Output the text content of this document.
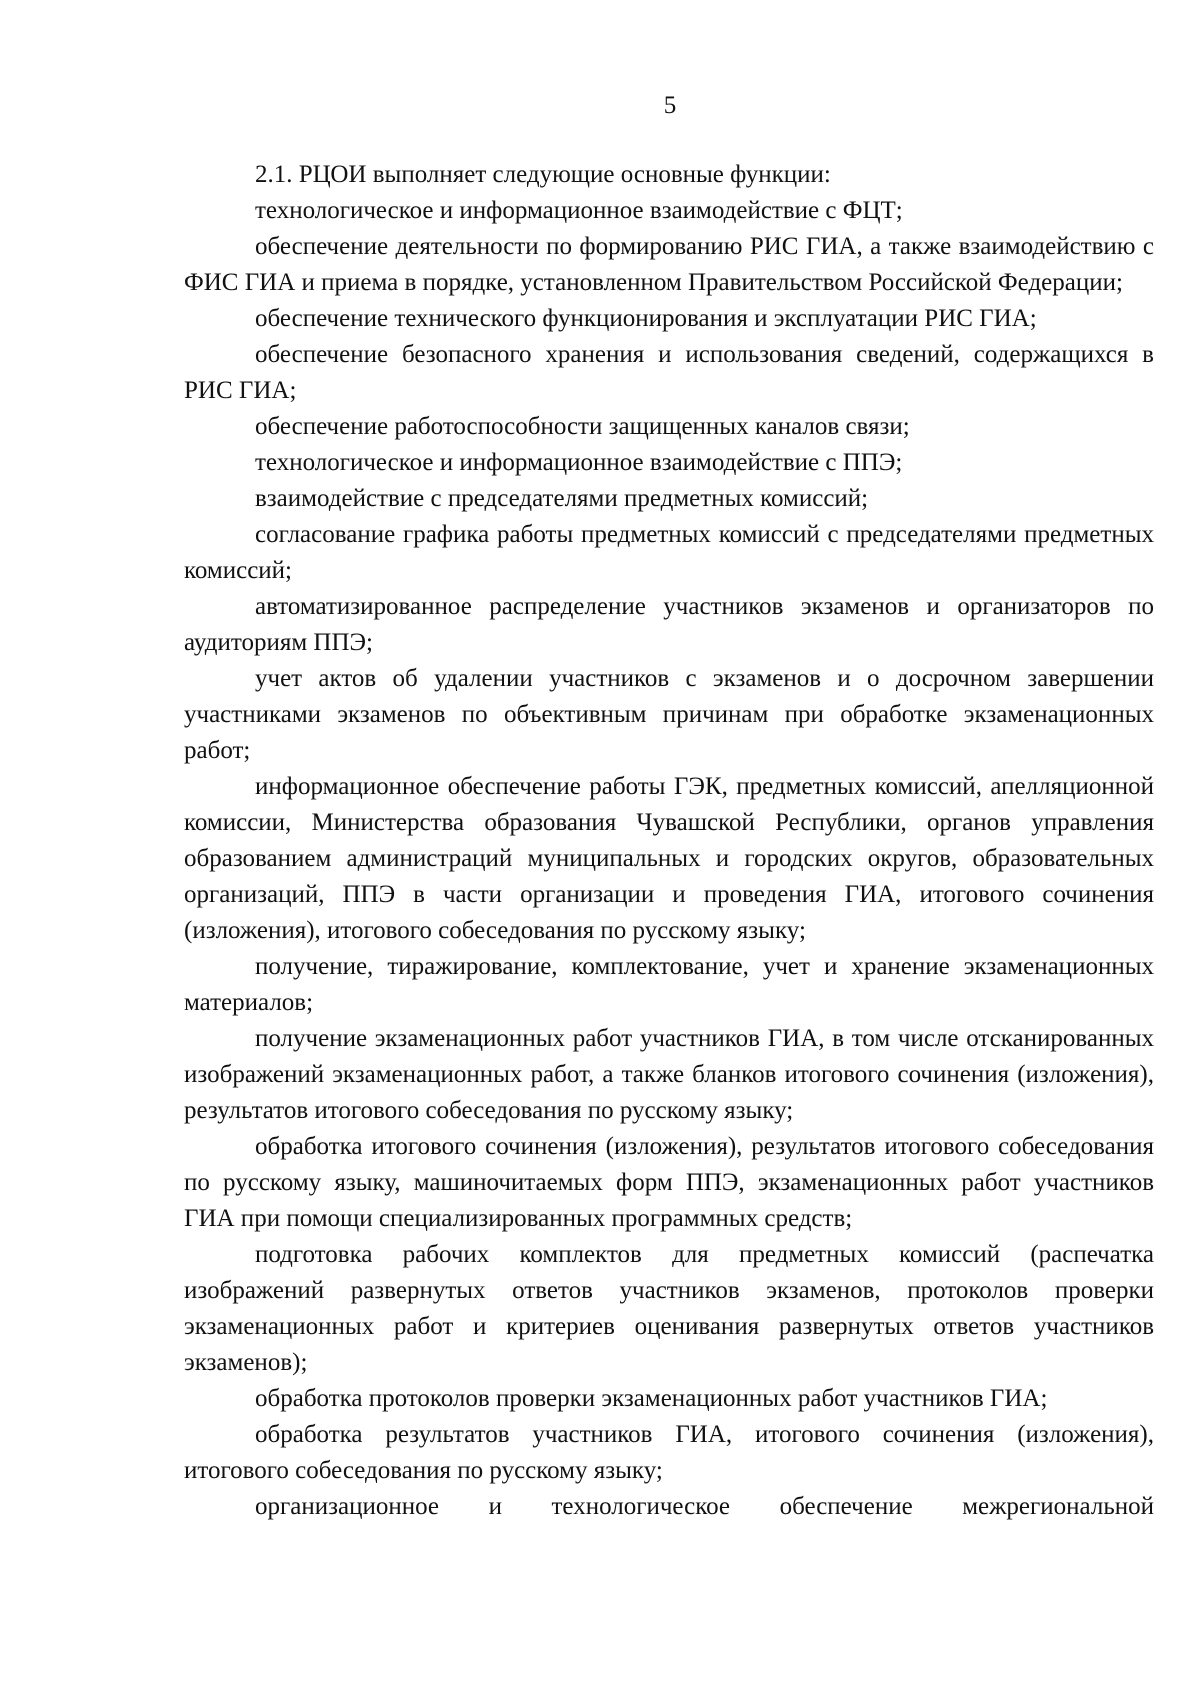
5

2.1. РЦОИ выполняет следующие основные функции:

технологическое и информационное взаимодействие с ФЦТ;

обеспечение деятельности по формированию РИС ГИА, а также взаимодействию с ФИС ГИА и приема в порядке, установленном Правительством Российской Федерации;

обеспечение технического функционирования и эксплуатации РИС ГИА;

обеспечение безопасного хранения и использования сведений, содержащихся в РИС ГИА;

обеспечение работоспособности защищенных каналов связи;

технологическое и информационное взаимодействие с ППЭ;

взаимодействие с председателями предметных комиссий;

согласование графика работы предметных комиссий с председателями предметных комиссий;

автоматизированное распределение участников экзаменов и организаторов по аудиториям ППЭ;

учет актов об удалении участников с экзаменов и о досрочном завершении участниками экзаменов по объективным причинам при обработке экзаменационных работ;

информационное обеспечение работы ГЭК, предметных комиссий, апелляционной комиссии, Министерства образования Чувашской Республики, органов управления образованием администраций муниципальных и городских округов, образовательных организаций, ППЭ в части организации и проведения ГИА, итогового сочинения (изложения), итогового собеседования по русскому языку;

получение, тиражирование, комплектование, учет и хранение экзаменационных материалов;

получение экзаменационных работ участников ГИА, в том числе отсканированных изображений экзаменационных работ, а также бланков итогового сочинения (изложения), результатов итогового собеседования по русскому языку;

обработка итогового сочинения (изложения), результатов итогового собеседования по русскому языку, машиночитаемых форм ППЭ, экзаменационных работ участников ГИА при помощи специализированных программных средств;

подготовка рабочих комплектов для предметных комиссий (распечатка изображений развернутых ответов участников экзаменов, протоколов проверки экзаменационных работ и критериев оценивания развернутых ответов участников экзаменов);

обработка протоколов проверки экзаменационных работ участников ГИА;

обработка результатов участников ГИА, итогового сочинения (изложения), итогового собеседования по русскому языку;

организационное и технологическое обеспечение межрегиональной
